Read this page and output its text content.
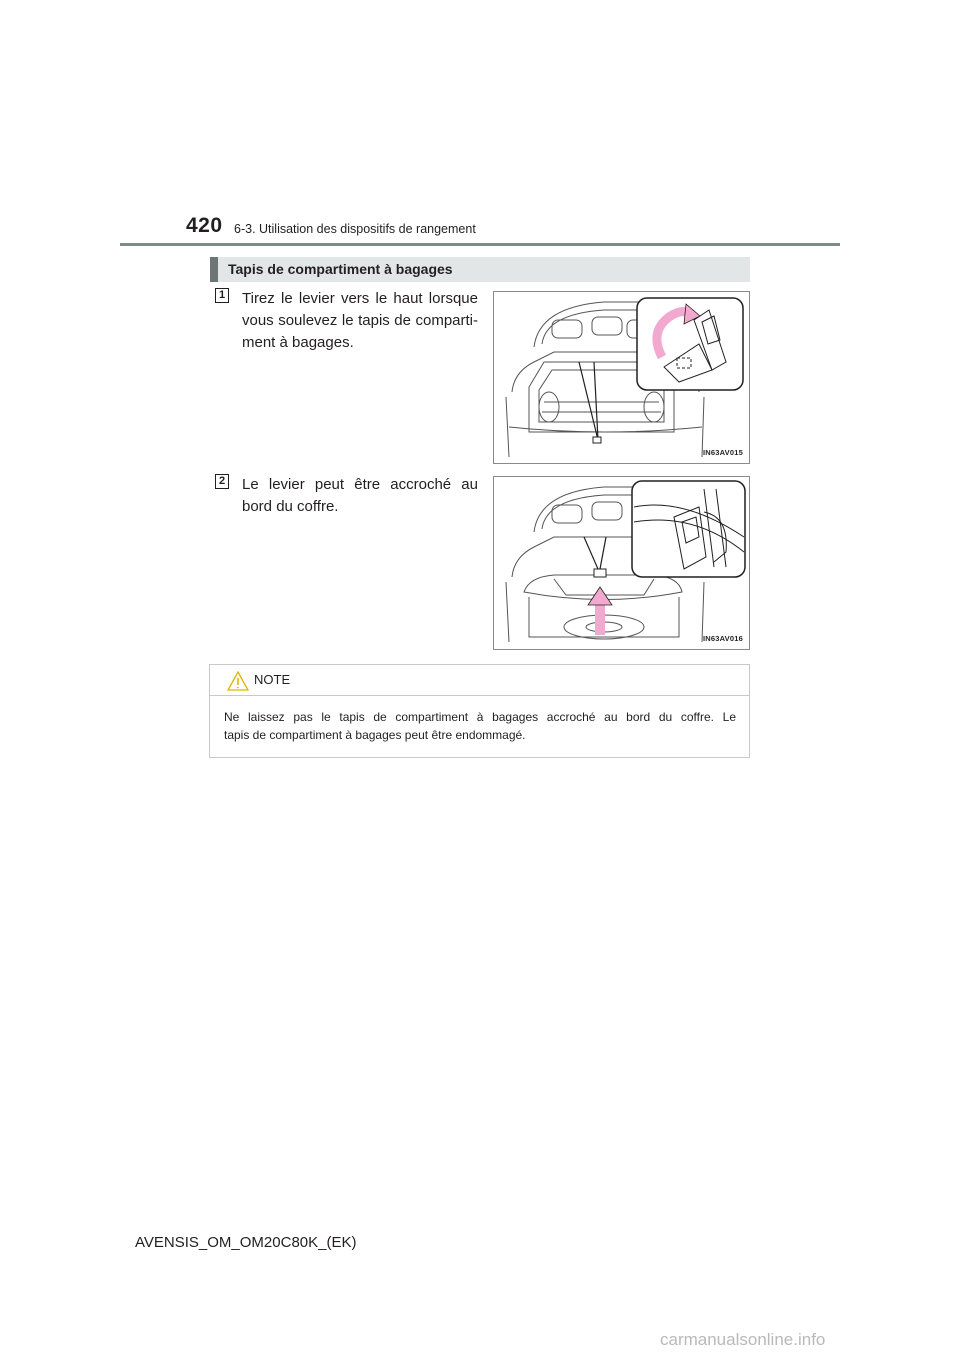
420 6-3. Utilisation des dispositifs de rangement
Tapis de compartiment à bagages
1 Tirez le levier vers le haut lorsque
vous soulevez le tapis de comparti-
ment à bagages.
IN63AV015
2 Le levier peut être accroché au
bord du coffre.
IN63AV016
NOTE
Ne laissez pas le tapis de compartiment à bagages accroché au bord du coffre. Le
tapis de compartiment à bagages peut être endommagé.
AVENSIS_OM_OM20C80K_(EK)
carmanualsonline.info
